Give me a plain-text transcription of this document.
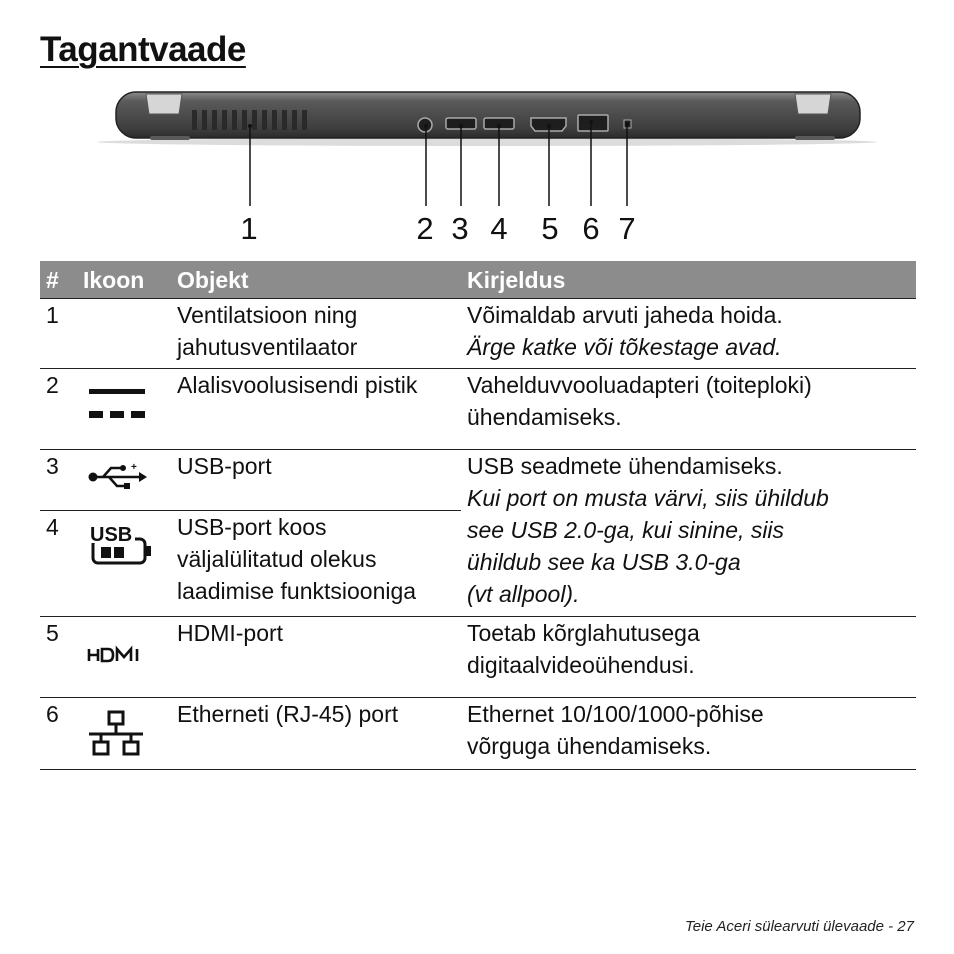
Tagantvaade
1	2 3 4 5 6 7
#	Ikoon	Objekt	Kirjeldus
1		Ventilatsioon ning
jahutusventilaator	Võimaldab arvuti jaheda hoida.
Ärge katke või tõkestage avad.

2		Alalisvoolusisendi pistik	Vahelduvvooluadapteri (toiteploki)
ühendamiseks.

3	+	USB-port	USB seadmete ühendamiseks.
Kui port on musta värvi, siis ühildub
see USB 2.0-ga, kui sinine, siis
ühildub see ka USB 3.0-ga
(vt allpool).

4	USB	USB-port koos
väljalülitatud olekus
laadimise funktsiooniga	

5		HDMI-port	Toetab kõrglahutusega
digitaalvideoühendusi.

6		Etherneti (RJ-45) port	Ethernet 10/100/1000-põhise
võrguga ühendamiseks.
Teie Aceri sülearvuti ülevaade - 27
